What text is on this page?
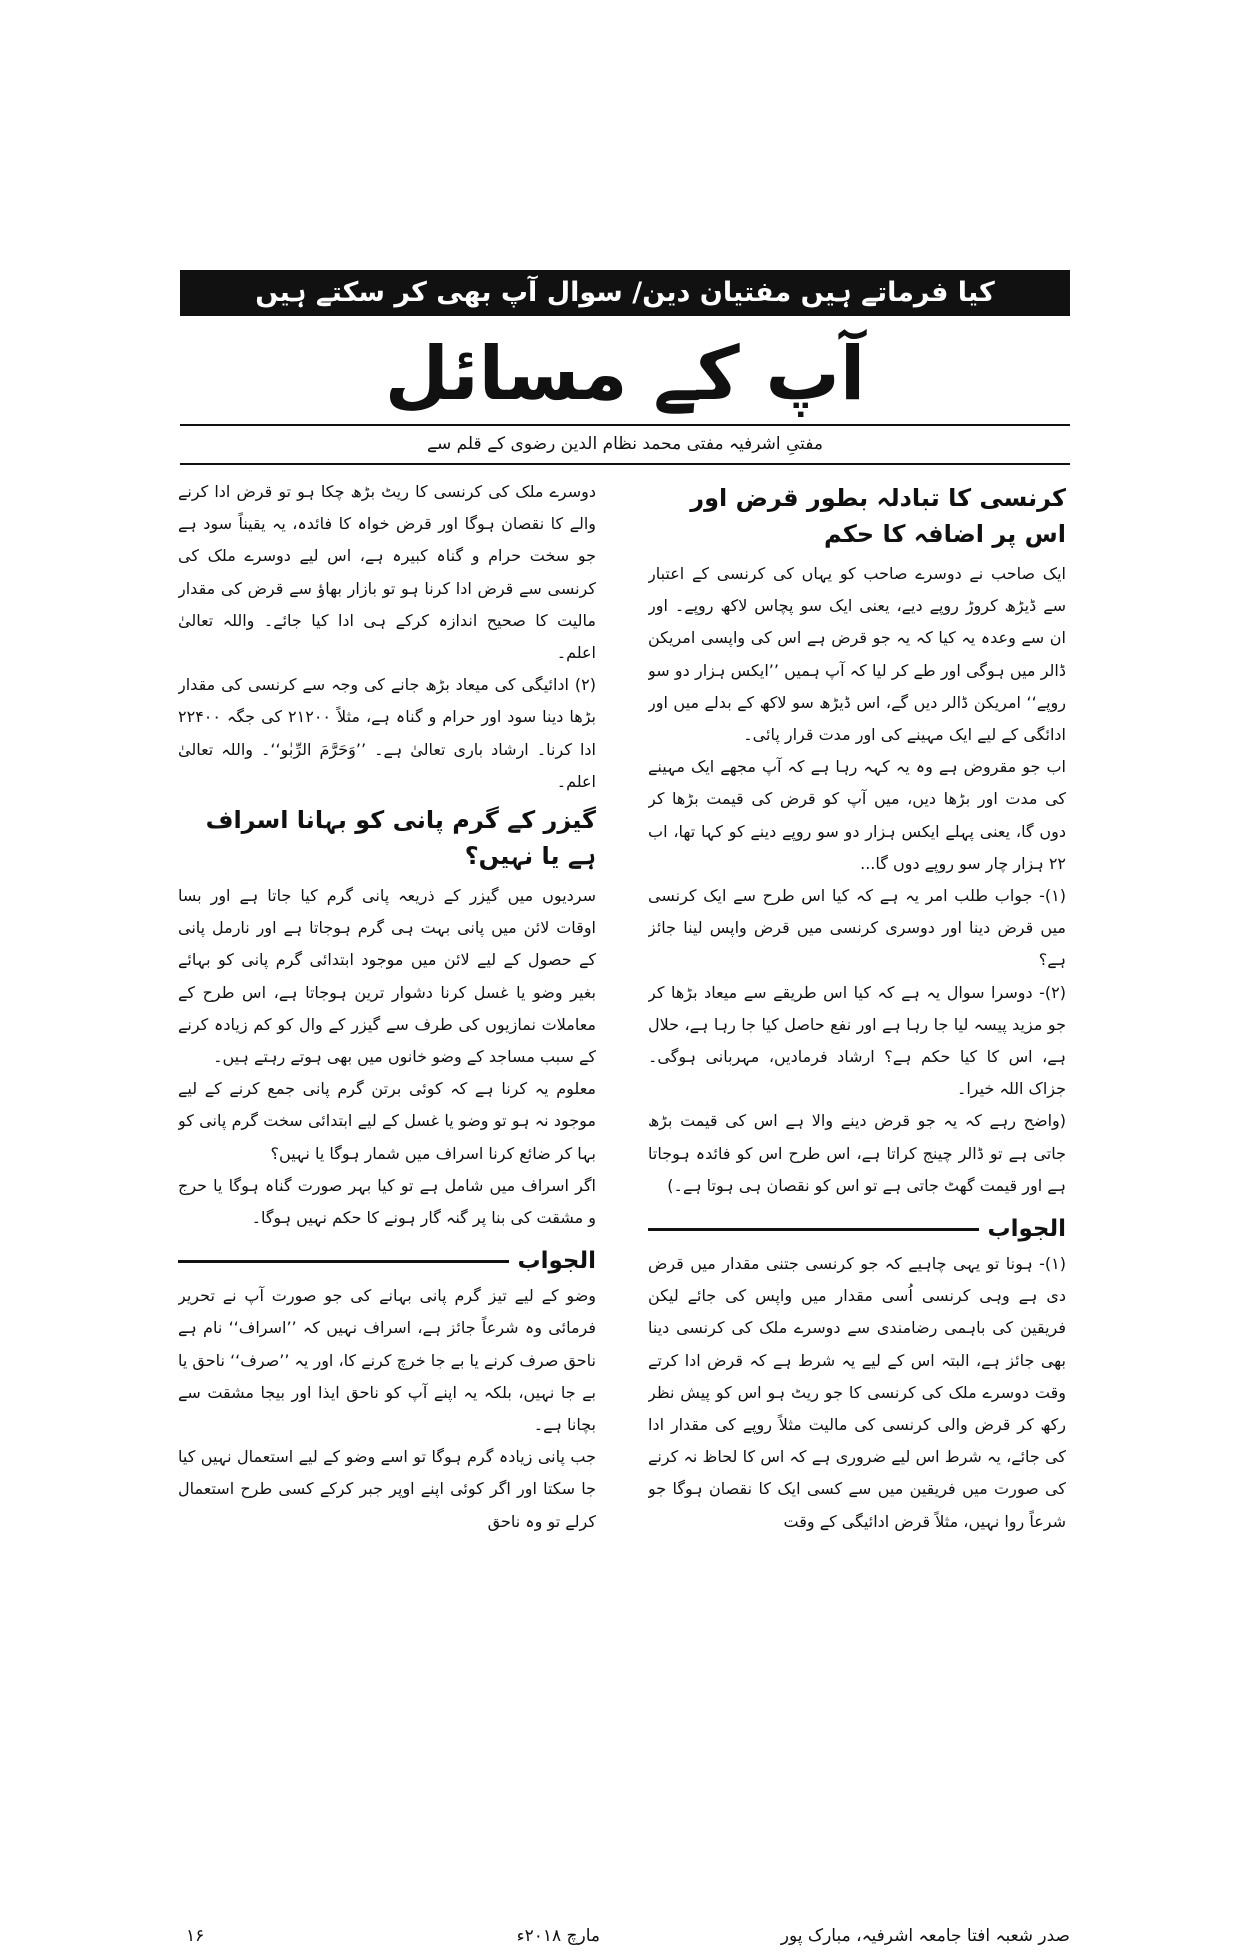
کیا فرماتے ہیں مفتیان دین/ سوال آپ بھی کر سکتے ہیں
آپ کے مسائل
مفتیِ اشرفیہ مفتی محمد نظام الدین رضوی کے قلم سے
کرنسی کا تبادلہ بطور قرض اور اس پر اضافہ کا حکم

ایک صاحب نے دوسرے صاحب کو یہاں کی کرنسی کے اعتبار سے ڈیڑھ کروڑ روپے دیے، یعنی ایک سو پچاس لاکھ روپے۔ اور ان سے وعدہ یہ کیا کہ یہ جو قرض ہے اس کی واپسی امریکن ڈالر میں ہوگی اور طے کر لیا کہ آپ ہمیں ’’ایکس ہزار دو سو روپے‘‘ امریکن ڈالر دیں گے، اس ڈیڑھ سو لاکھ کے بدلے میں اور ادائگی کے لیے ایک مہینے کی اور مدت قرار پائی۔

اب جو مقروض ہے وہ یہ کہہ رہا ہے کہ آپ مجھے ایک مہینے کی مدت اور بڑھا دیں، میں آپ کو قرض کی قیمت بڑھا کر دوں گا، یعنی پہلے ایکس ہزار دو سو روپے دینے کو کہا تھا، اب ۲۲ ہزار چار سو روپے دوں گا...

(۱)- جواب طلب امر یہ ہے کہ کیا اس طرح سے ایک کرنسی میں قرض دینا اور دوسری کرنسی میں قرض واپس لینا جائز ہے؟

(۲)- دوسرا سوال یہ ہے کہ کیا اس طریقے سے میعاد بڑھا کر جو مزید پیسہ لیا جا رہا ہے اور نفع حاصل کیا جا رہا ہے، حلال ہے، اس کا کیا حکم ہے؟ ارشاد فرمادیں، مہربانی ہوگی۔ جزاک اللہ خیرا۔

(واضح رہے کہ یہ جو قرض دینے والا ہے اس کی قیمت بڑھ جاتی ہے تو ڈالر چینج کراتا ہے، اس طرح اس کو فائدہ ہوجاتا ہے اور قیمت گھٹ جاتی ہے تو اس کو نقصان ہی ہوتا ہے۔)

الجواب

(۱)- ہونا تو یہی چاہیے کہ جو کرنسی جتنی مقدار میں قرض دی ہے وہی کرنسی اُسی مقدار میں واپس کی جائے لیکن فریقین کی باہمی رضامندی سے دوسرے ملک کی کرنسی دینا بھی جائز ہے، البتہ اس کے لیے یہ شرط ہے کہ قرض ادا کرتے وقت دوسرے ملک کی کرنسی کا جو ریٹ ہو اس کو پیش نظر رکھ کر قرض والی کرنسی کی مالیت مثلاً روپے کی مقدار ادا کی جائے، یہ شرط اس لیے ضروری ہے کہ اس کا لحاظ نہ کرنے کی صورت میں فریقین میں سے کسی ایک کا نقصان ہوگا جو شرعاً روا نہیں، مثلاً قرض ادائیگی کے وقت

دوسرے ملک کی کرنسی کا ریٹ بڑھ چکا ہو تو قرض ادا کرنے والے کا نقصان ہوگا اور قرض خواہ کا فائدہ، یہ یقیناً سود ہے جو سخت حرام و گناہ کبیرہ ہے، اس لیے دوسرے ملک کی کرنسی سے قرض ادا کرنا ہو تو بازار بھاؤ سے قرض کی مقدار مالیت کا صحیح اندازہ کرکے ہی ادا کیا جائے۔ واللہ تعالیٰ اعلم۔

(۲) ادائیگی کی میعاد بڑھ جانے کی وجہ سے کرنسی کی مقدار بڑھا دینا سود اور حرام و گناہ ہے، مثلاً ۲۱۲۰۰ کی جگہ ۲۲۴۰۰ ادا کرنا۔ ارشاد باری تعالیٰ ہے۔ ’’وَحَرَّمَ الرِّبٰو‘‘۔ واللہ تعالیٰ اعلم۔

گیزر کے گرم پانی کو بہانا اسراف ہے یا نہیں؟

سردیوں میں گیزر کے ذریعہ پانی گرم کیا جاتا ہے اور بسا اوقات لائن میں پانی بہت ہی گرم ہوجاتا ہے اور نارمل پانی کے حصول کے لیے لائن میں موجود ابتدائی گرم پانی کو بہائے بغیر وضو یا غسل کرنا دشوار ترین ہوجاتا ہے، اس طرح کے معاملات نمازیوں کی طرف سے گیزر کے وال کو کم زیادہ کرنے کے سبب مساجد کے وضو خانوں میں بھی ہوتے رہتے ہیں۔

معلوم یہ کرنا ہے کہ کوئی برتن گرم پانی جمع کرنے کے لیے موجود نہ ہو تو وضو یا غسل کے لیے ابتدائی سخت گرم پانی کو بہا کر ضائع کرنا اسراف میں شمار ہوگا یا نہیں؟

اگر اسراف میں شامل ہے تو کیا بہر صورت گناہ ہوگا یا حرج و مشقت کی بنا پر گنہ گار ہونے کا حکم نہیں ہوگا۔

الجواب

وضو کے لیے تیز گرم پانی بہانے کی جو صورت آپ نے تحریر فرمائی وہ شرعاً جائز ہے، اسراف نہیں کہ ’’اسراف‘‘ نام ہے ناحق صرف کرنے یا بے جا خرچ کرنے کا، اور یہ ’’صرف‘‘ ناحق یا بے جا نہیں، بلکہ یہ اپنے آپ کو ناحق ایذا اور بیجا مشقت سے بچانا ہے۔

جب پانی زیادہ گرم ہوگا تو اسے وضو کے لیے استعمال نہیں کیا جا سکتا اور اگر کوئی اپنے اوپر جبر کرکے کسی طرح استعمال کرلے تو وہ ناحق

صدر شعبہ افتا جامعہ اشرفیہ، مبارک پور
مارچ ۲۰۱۸ء
۱۶
